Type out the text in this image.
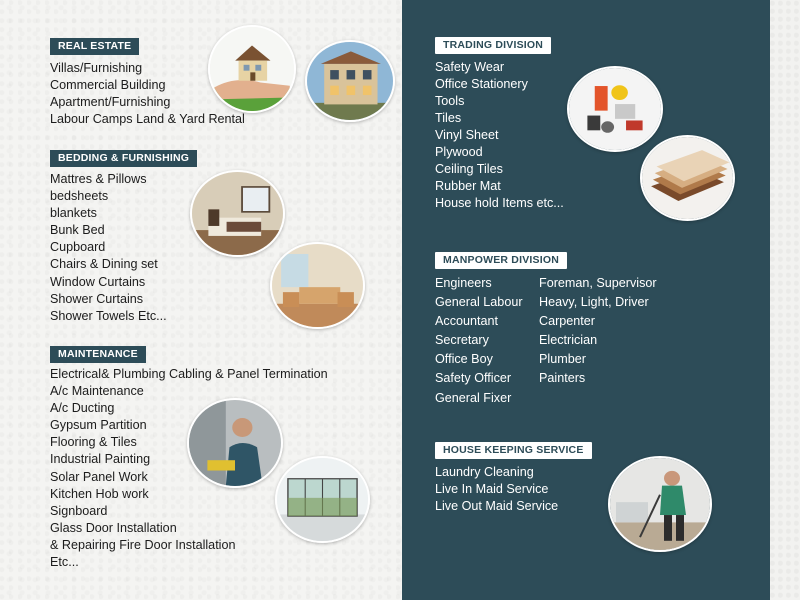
REAL ESTATE
Villas/Furnishing
Commercial Building
Apartment/Furnishing
Labour Camps Land & Yard Rental
BEDDING & FURNISHING
Mattres & Pillows
bedsheets
blankets
Bunk Bed
Cupboard
Chairs & Dining set
Window Curtains
Shower Curtains
Shower Towels Etc...
MAINTENANCE
Electrical& Plumbing Cabling & Panel Termination
A/c Maintenance
A/c Ducting
Gypsum Partition
Flooring & Tiles
Industrial Painting
Solar Panel Work
Kitchen Hob work
Signboard
Glass Door Installation
& Repairing Fire Door Installation
Etc...
TRADING DIVISION
Safety Wear
Office Stationery
Tools
Tiles
Vinyl Sheet
Plywood
Ceiling Tiles
Rubber Mat
House hold Items etc...
MANPOWER DIVISION
Engineers	Foreman, Supervisor
General Labour	Heavy, Light, Driver
Accountant	Carpenter
Secretary	Electrician
Office Boy	Plumber
Safety Officer	Painters
General Fixer
HOUSE KEEPING SERVICE
Laundry Cleaning
Live In Maid Service
Live Out Maid Service
